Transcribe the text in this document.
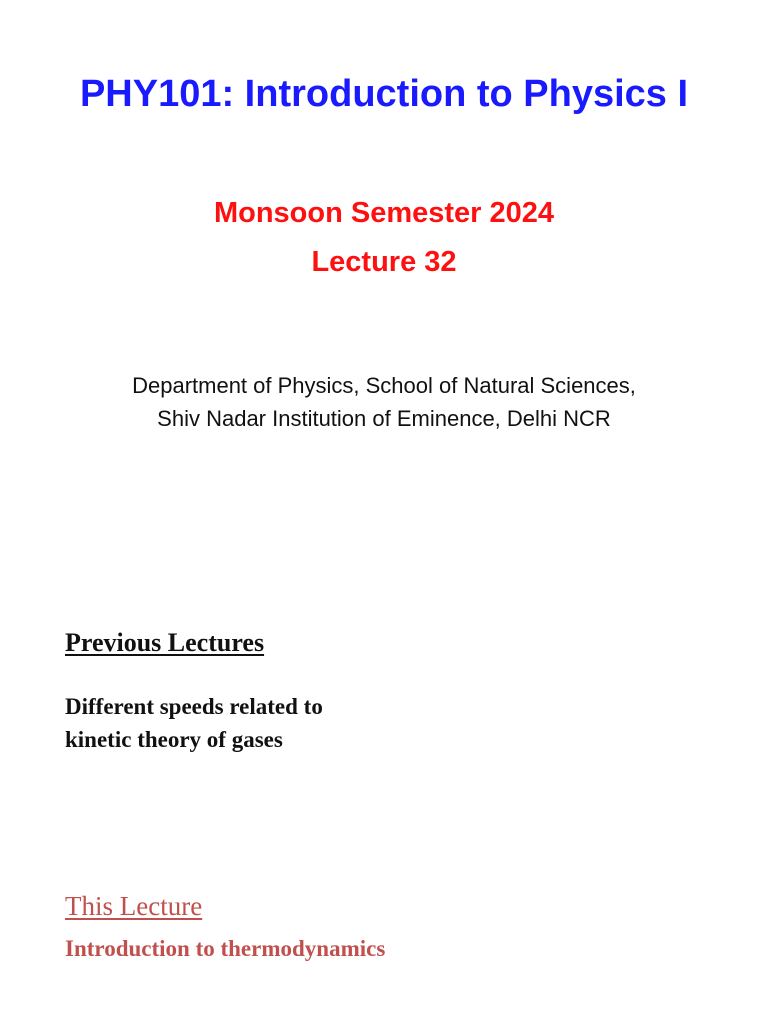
PHY101: Introduction to Physics I
Monsoon Semester 2024
Lecture 32
Department of Physics, School of Natural Sciences,
Shiv Nadar Institution of Eminence, Delhi NCR
Previous Lectures
Different speeds related to
kinetic theory of gases
This Lecture
Introduction to thermodynamics
